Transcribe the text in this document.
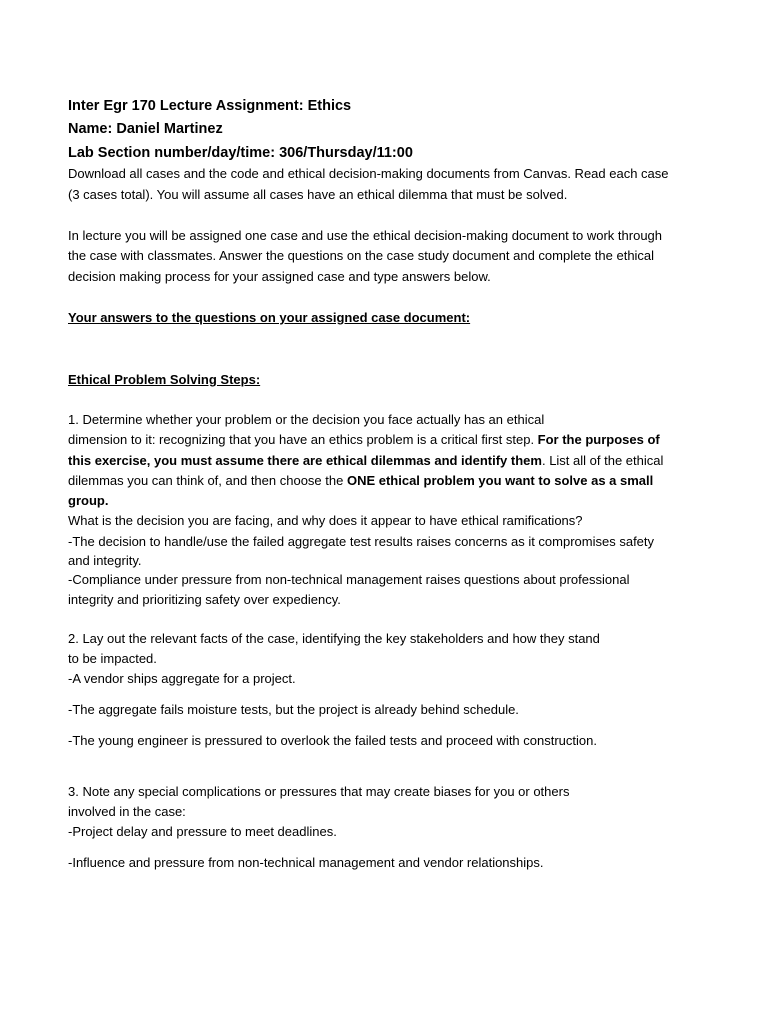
Inter Egr 170 Lecture Assignment: Ethics
Name: Daniel Martinez
Lab Section number/day/time: 306/Thursday/11:00
Download all cases and the code and ethical decision-making documents from Canvas. Read each case
(3 cases total). You will assume all cases have an ethical dilemma that must be solved.
In lecture you will be assigned one case and use the ethical decision-making document to work through
the case with classmates. Answer the questions on the case study document and complete the ethical
decision making process for your assigned case and type answers below.
Your answers to the questions on your assigned case document:
Ethical Problem Solving Steps:
1. Determine whether your problem or the decision you face actually has an ethical
dimension to it: recognizing that you have an ethics problem is a critical first step. For the purposes of
this exercise, you must assume there are ethical dilemmas and identify them. List all of the ethical
dilemmas you can think of, and then choose the ONE ethical problem you want to solve as a small
group.
What is the decision you are facing, and why does it appear to have ethical ramifications?
-The decision to handle/use the failed aggregate test results raises concerns as it compromises safety
and integrity.
-Compliance under pressure from non-technical management raises questions about professional
integrity and prioritizing safety over expediency.
2. Lay out the relevant facts of the case, identifying the key stakeholders and how they stand
to be impacted.
-A vendor ships aggregate for a project.
-The aggregate fails moisture tests, but the project is already behind schedule.
-The young engineer is pressured to overlook the failed tests and proceed with construction.
3. Note any special complications or pressures that may create biases for you or others
involved in the case:
-Project delay and pressure to meet deadlines.
-Influence and pressure from non-technical management and vendor relationships.
